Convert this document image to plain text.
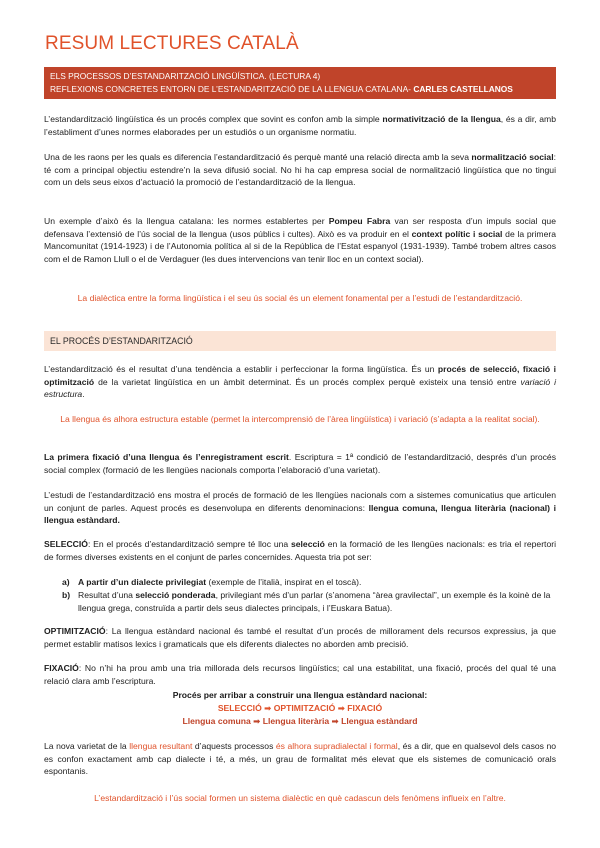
RESUM LECTURES CATALÀ
ELS PROCESSOS D’ESTANDARITZACIÓ LINGÜÍSTICA. (LECTURA 4)
REFLEXIONS CONCRETES ENTORN DE L’ESTANDARITZACIÓ DE LA LLENGUA CATALANA- CARLES CASTELLANOS

L’estandardització lingüística és un procés complex que sovint es confon amb la simple normativització de la llengua, és a dir, amb l’establiment d’unes normes elaborades per un estudiós o un organisme normatiu.

Una de les raons per les quals es diferencia l’estandardització és perquè manté una relació directa amb la seva normalització social: té com a principal objectiu estendre’n la seva difusió social. No hi ha cap empresa social de normalització lingüística que no tingui com un dels seus eixos d’actuació la promoció de l’estandardització de la llengua.

Un exemple d’això és la llengua catalana: les normes establertes per Pompeu Fabra van ser resposta d’un impuls social que defensava l’extensió de l’ús social de la llengua (usos públics i cultes). Això es va produir en el context polític i social de la primera Mancomunitat (1914-1923) i de l’Autonomia política al si de la República de l’Estat espanyol (1931-1939). També trobem altres casos com el de Ramon Llull o el de Verdaguer (les dues intervencions van tenir lloc en un context social).

La dialèctica entre la forma lingüística i el seu ús social és un element fonamental per a l’estudi de l’estandardització.

EL PROCÉS D’ESTANDARITZACIÓ

L’estandardització és el resultat d’una tendència a establir i perfeccionar la forma lingüística. És un procés de selecció, fixació i optimització de la varietat lingüística en un àmbit determinat. És un procés complex perquè existeix una tensió entre variació i estructura.

La llengua és alhora estructura estable (permet la intercomprensió de l’àrea lingüística) i variació (s’adapta a la realitat social).

La primera fixació d’una llengua és l’enregistrament escrit. Escriptura = 1ª condició de l’estandardització, després d’un procés social complex (formació de les llengües nacionals comporta l’elaboració d’una varietat).

L’estudi de l’estandardització ens mostra el procés de formació de les llengües nacionals com a sistemes comunicatius que articulen un conjunt de parles. Aquest procés es desenvolupa en diferents denominacions: llengua comuna, llengua literària (nacional) i llengua estàndard.

SELECCIÓ: En el procés d’estandardització sempre té lloc una selecció en la formació de les llengües nacionals: es tria el repertori de formes diverses existents en el conjunt de parles concernides. Aquesta tria pot ser:

a) A partir d’un dialecte privilegiat (exemple de l’italià, inspirat en el toscà).
b) Resultat d’una selecció ponderada, privilegiant més d’un parlar (s’anomena “àrea gravilectal”, un exemple és la koinè de la llengua grega, construïda a partir dels seus dialectes principals, i l’Euskara Batua).

OPTIMITZACIÓ: La llengua estàndard nacional és també el resultat d’un procés de millorament dels recursos expressius, ja que permet establir matisos lexics i gramaticals que els diferents dialectes no aborden amb precisió.

FIXACIÓ: No n’hi ha prou amb una tria millorada dels recursos lingüístics; cal una estabilitat, una fixació, procés del qual té una relació clara amb l’escriptura.

Procés per arribar a construir una llengua estàndard nacional:
SELECCIÓ ➡ OPTIMITZACIÓ ➡ FIXACIÓ
Llengua comuna ➡ Llengua literària ➡ Llengua estàndard

La nova varietat de la llengua resultant d’aquests processos és alhora supradialectal i formal, és a dir, que en qualsevol dels casos no es confon exactament amb cap dialecte i té, a més, un grau de formalitat més elevat que els sistemes de comunicació orals espontanis.

L’estandardització i l’ús social formen un sistema dialèctic en què cadascun dels fenòmens influeix en l’altre.
